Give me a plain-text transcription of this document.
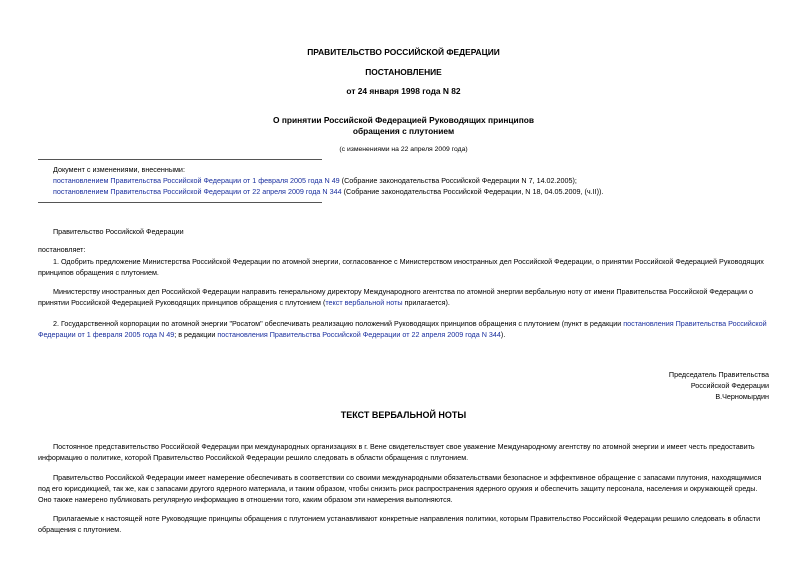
ПРАВИТЕЛЬСТВО РОССИЙСКОЙ ФЕДЕРАЦИИ
ПОСТАНОВЛЕНИЕ
от 24 января 1998 года N 82
О принятии Российской Федерацией Руководящих принципов
обращения с плутонием
(с изменениями на 22 апреля 2009 года)
Документ с изменениями, внесенными:
постановлением Правительства Российской Федерации от 1 февраля 2005 года N 49 (Собрание законодательства Российской Федерации N 7, 14.02.2005);
постановлением Правительства Российской Федерации от 22 апреля 2009 года N 344 (Собрание законодательства Российской Федерации, N 18, 04.05.2009, (ч.II)).
Правительство Российской Федерации
постановляет:
1. Одобрить предложение Министерства Российской Федерации по атомной энергии, согласованное с Министерством иностранных дел Российской Федерации, о принятии Российской Федерацией Руководящих принципов обращения с плутонием.
Министерству иностранных дел Российской Федерации направить генеральному директору Международного агентства по атомной энергии вербальную ноту от имени Правительства Российской Федерации о принятии Российской Федерацией Руководящих принципов обращения с плутонием (текст вербальной ноты прилагается).
2. Государственной корпорации по атомной энергии "Росатом" обеспечивать реализацию положений Руководящих принципов обращения с плутонием (пункт в редакции постановления Правительства Российской Федерации от 1 февраля 2005 года N 49; в редакции постановления Правительства Российской Федерации от 22 апреля 2009 года N 344).
Председатель Правительства
Российской Федерации
В.Черномырдин
ТЕКСТ ВЕРБАЛЬНОЙ НОТЫ
Постоянное представительство Российской Федерации при международных организациях в г. Вене свидетельствует свое уважение Международному агентству по атомной энергии и имеет честь предоставить информацию о политике, которой Правительство Российской Федерации решило следовать в области обращения с плутонием.
Правительство Российской Федерации имеет намерение обеспечивать в соответствии со своими международными обязательствами безопасное и эффективное обращение с запасами плутония, находящимися под его юрисдикцией, так же, как с запасами другого ядерного материала, и таким образом, чтобы снизить риск распространения ядерного оружия и обеспечить защиту персонала, населения и окружающей среды. Оно также намерено публиковать регулярную информацию в отношении того, каким образом эти намерения выполняются.
Прилагаемые к настоящей ноте Руководящие принципы обращения с плутонием устанавливают конкретные направления политики, которым Правительство Российской Федерации решило следовать в области обращения с плутонием.
